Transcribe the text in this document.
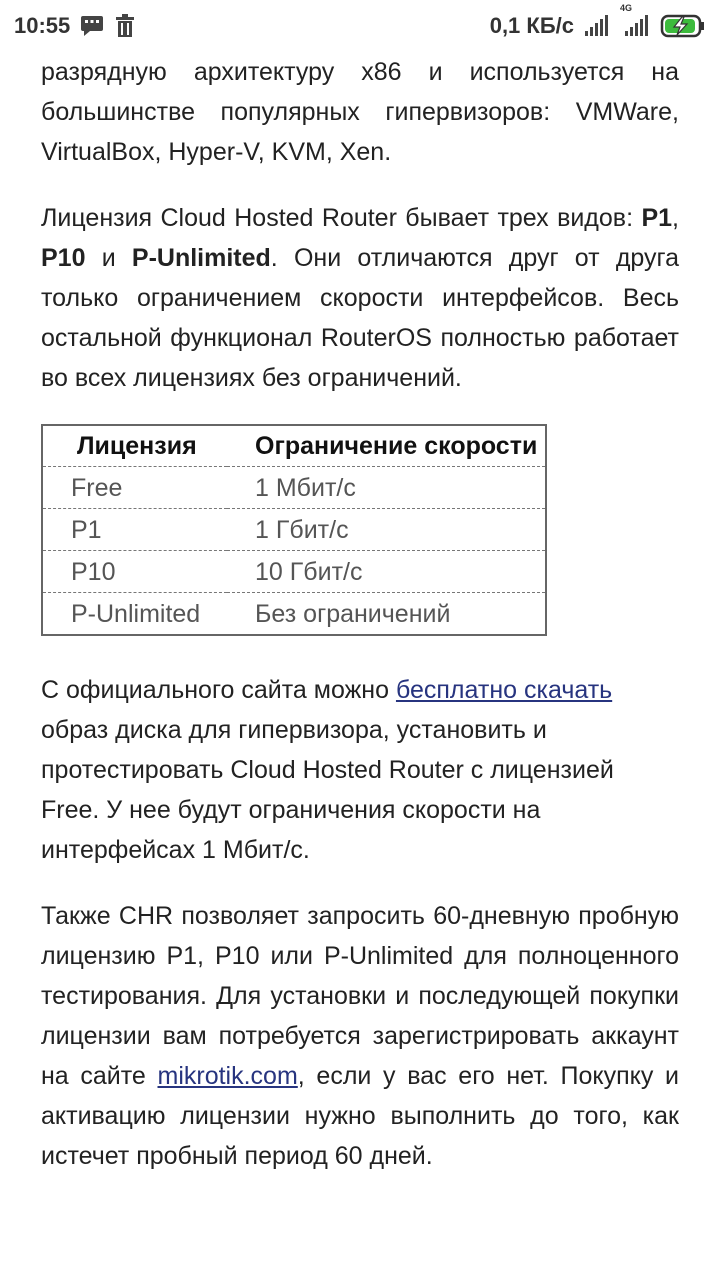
10:55	0,1 КБ/с
4G

разрядную архитектуру x86 и используется на большинстве популярных гипервизоров: VMWare, VirtualBox, Hyper-V, KVM, Xen.

Лицензия Cloud Hosted Router бывает трех видов: P1, P10 и P-Unlimited. Они отличаются друг от друга только ограничением скорости интерфейсов. Весь остальной функционал RouterOS полностью работает во всех лицензиях без ограничений.

Лицензия	Ограничение скорости
Free	1 Мбит/с
P1	1 Гбит/с
P10	10 Гбит/с
P-Unlimited	Без ограничений

С официального сайта можно бесплатно скачать образ диска для гипервизора, установить и протестировать Cloud Hosted Router с лицензией Free. У нее будут ограничения скорости на интерфейсах 1 Мбит/с.

Также CHR позволяет запросить 60-дневную пробную лицензию P1, P10 или P-Unlimited для полноценного тестирования. Для установки и последующей покупки лицензии вам потребуется зарегистрировать аккаунт на сайте mikrotik.com, если у вас его нет. Покупку и активацию лицензии нужно выполнить до того, как истечет пробный период 60 дней.
